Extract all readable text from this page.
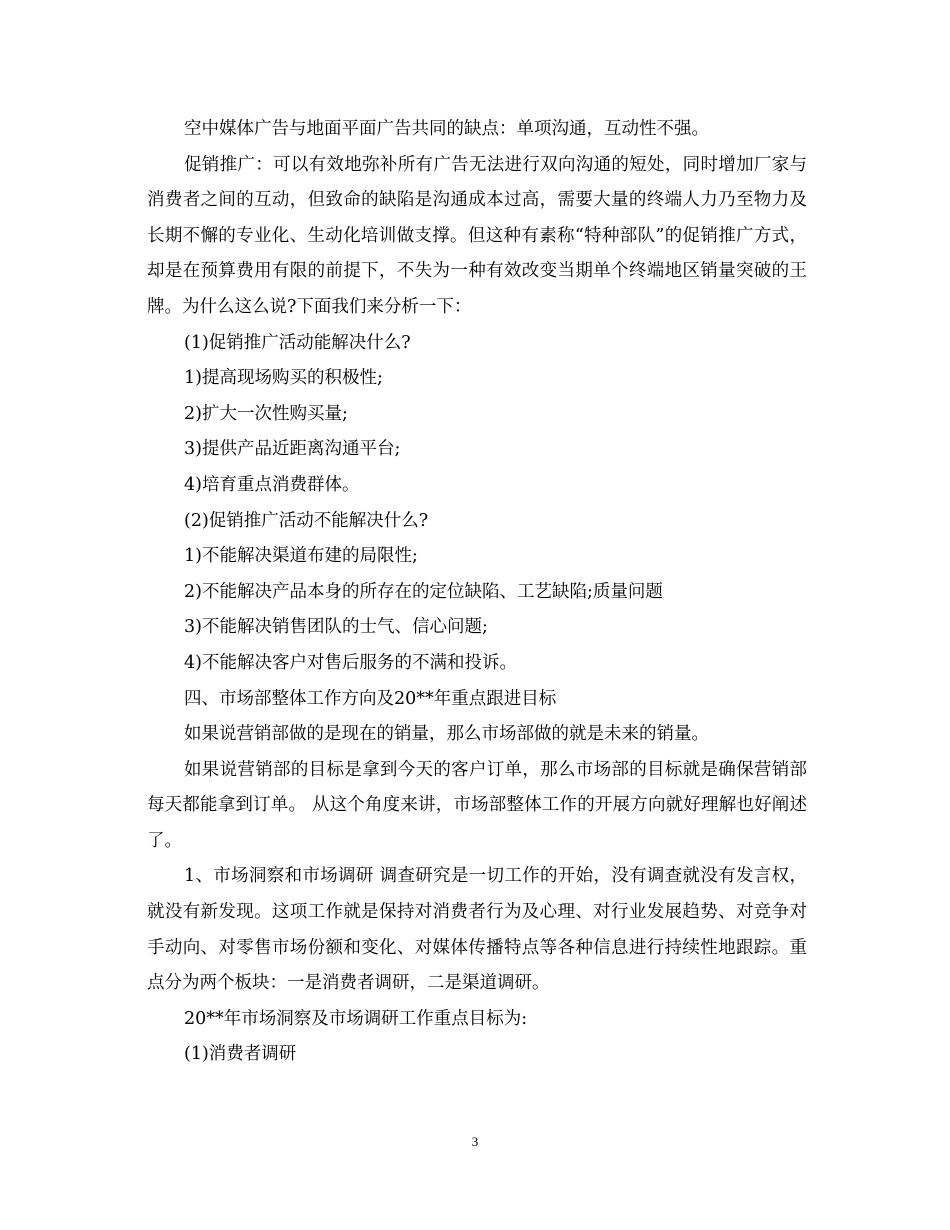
空中媒体广告与地面平面广告共同的缺点：单项沟通，互动性不强。

促销推广：可以有效地弥补所有广告无法进行双向沟通的短处，同时增加厂家与消费者之间的互动，但致命的缺陷是沟通成本过高，需要大量的终端人力乃至物力及长期不懈的专业化、生动化培训做支撑。但这种有素称“特种部队”的促销推广方式，却是在预算费用有限的前提下，不失为一种有效改变当期单个终端地区销量突破的王牌。为什么这么说?下面我们来分析一下：

(1)促销推广活动能解决什么?

1)提高现场购买的积极性;

2)扩大一次性购买量;

3)提供产品近距离沟通平台;

4)培育重点消费群体。

(2)促销推广活动不能解决什么?

1)不能解决渠道布建的局限性;

2)不能解决产品本身的所存在的定位缺陷、工艺缺陷;质量问题

3)不能解决销售团队的士气、信心问题;

4)不能解决客户对售后服务的不满和投诉。

四、市场部整体工作方向及20**年重点跟进目标

如果说营销部做的是现在的销量，那么市场部做的就是未来的销量。

如果说营销部的目标是拿到今天的客户订单，那么市场部的目标就是确保营销部每天都能拿到订单。 从这个角度来讲，市场部整体工作的开展方向就好理解也好阐述了。

1、市场洞察和市场调研 调查研究是一切工作的开始，没有调查就没有发言权，就没有新发现。这项工作就是保持对消费者行为及心理、对行业发展趋势、对竞争对手动向、对零售市场份额和变化、对媒体传播特点等各种信息进行持续性地跟踪。重点分为两个板块：一是消费者调研，二是渠道调研。

20**年市场洞察及市场调研工作重点目标为:

(1)消费者调研

3
